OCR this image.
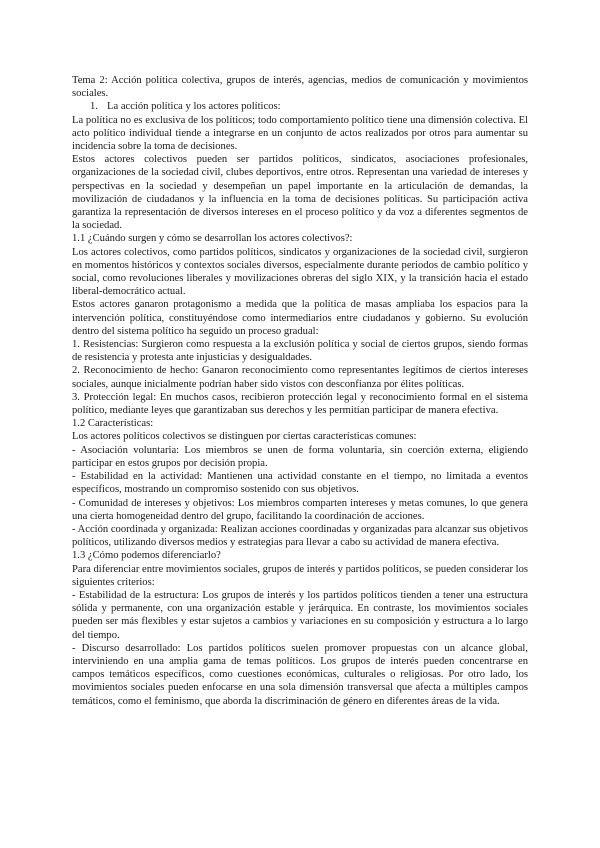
Tema 2: Acción política colectiva, grupos de interés, agencias, medios de comunicación y movimientos sociales.

1. La acción política y los actores políticos:

La política no es exclusiva de los políticos; todo comportamiento político tiene una dimensión colectiva. El acto político individual tiende a integrarse en un conjunto de actos realizados por otros para aumentar su incidencia sobre la toma de decisiones.

Estos actores colectivos pueden ser partidos políticos, sindicatos, asociaciones profesionales, organizaciones de la sociedad civil, clubes deportivos, entre otros. Representan una variedad de intereses y perspectivas en la sociedad y desempeñan un papel importante en la articulación de demandas, la movilización de ciudadanos y la influencia en la toma de decisiones políticas. Su participación activa garantiza la representación de diversos intereses en el proceso político y da voz a diferentes segmentos de la sociedad.

1.1 ¿Cuándo surgen y cómo se desarrollan los actores colectivos?:

Los actores colectivos, como partidos políticos, sindicatos y organizaciones de la sociedad civil, surgieron en momentos históricos y contextos sociales diversos, especialmente durante periodos de cambio político y social, como revoluciones liberales y movilizaciones obreras del siglo XIX, y la transición hacia el estado liberal-democrático actual.

Estos actores ganaron protagonismo a medida que la política de masas ampliaba los espacios para la intervención política, constituyéndose como intermediarios entre ciudadanos y gobierno. Su evolución dentro del sistema político ha seguido un proceso gradual:

1. Resistencias: Surgieron como respuesta a la exclusión política y social de ciertos grupos, siendo formas de resistencia y protesta ante injusticias y desigualdades.

2. Reconocimiento de hecho: Ganaron reconocimiento como representantes legítimos de ciertos intereses sociales, aunque inicialmente podrían haber sido vistos con desconfianza por élites políticas.

3. Protección legal: En muchos casos, recibieron protección legal y reconocimiento formal en el sistema político, mediante leyes que garantizaban sus derechos y les permitían participar de manera efectiva.

1.2 Características:

Los actores políticos colectivos se distinguen por ciertas características comunes:

- Asociación voluntaria: Los miembros se unen de forma voluntaria, sin coerción externa, eligiendo participar en estos grupos por decisión propia.

- Estabilidad en la actividad: Mantienen una actividad constante en el tiempo, no limitada a eventos específicos, mostrando un compromiso sostenido con sus objetivos.

- Comunidad de intereses y objetivos: Los miembros comparten intereses y metas comunes, lo que genera una cierta homogeneidad dentro del grupo, facilitando la coordinación de acciones.

- Acción coordinada y organizada: Realizan acciones coordinadas y organizadas para alcanzar sus objetivos políticos, utilizando diversos medios y estrategias para llevar a cabo su actividad de manera efectiva.

1.3 ¿Cómo podemos diferenciarlo?

Para diferenciar entre movimientos sociales, grupos de interés y partidos políticos, se pueden considerar los siguientes criterios:

- Estabilidad de la estructura: Los grupos de interés y los partidos políticos tienden a tener una estructura sólida y permanente, con una organización estable y jerárquica. En contraste, los movimientos sociales pueden ser más flexibles y estar sujetos a cambios y variaciones en su composición y estructura a lo largo del tiempo.

- Discurso desarrollado: Los partidos políticos suelen promover propuestas con un alcance global, interviniendo en una amplia gama de temas políticos. Los grupos de interés pueden concentrarse en campos temáticos específicos, como cuestiones económicas, culturales o religiosas. Por otro lado, los movimientos sociales pueden enfocarse en una sola dimensión transversal que afecta a múltiples campos temáticos, como el feminismo, que aborda la discriminación de género en diferentes áreas de la vida.
